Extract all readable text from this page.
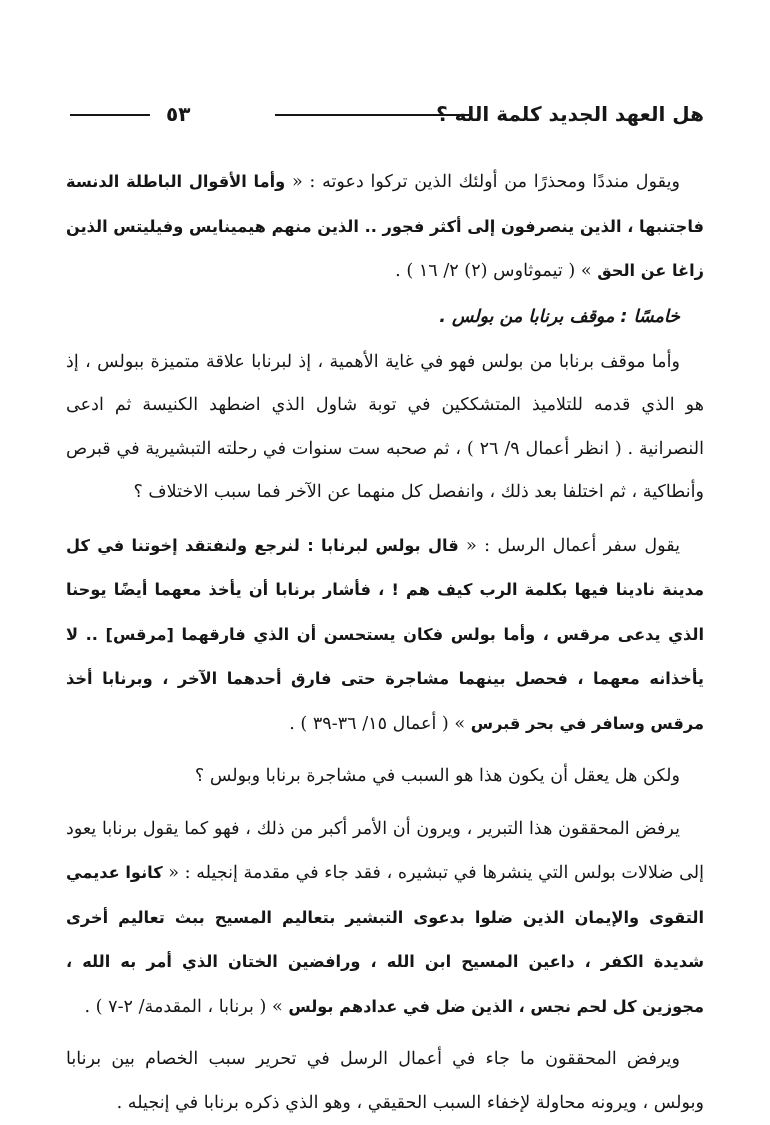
هل العهد الجديد كلمة الله ؟
٥٣

ويقول منددًا ومحذرًا من أولئك الذين تركوا دعوته : « وأما الأقوال الباطلة الدنسة فاجتنبها ، الذين ينصرفون إلى أكثر فجور .. الذين منهم هيمينايس وفيليتس الذين زاغا عن الحق » ( تيموثاوس (٢) ٢/ ١٦ ) .

خامسًا : موقف برنابا من بولس .

وأما موقف برنابا من بولس فهو في غاية الأهمية ، إذ لبرنابا علاقة متميزة ببولس ، إذ هو الذي قدمه للتلاميذ المتشككين في توبة شاول الذي اضطهد الكنيسة ثم ادعى النصرانية . ( انظر أعمال ٩/ ٢٦ ) ، ثم صحبه ست سنوات في رحلته التبشيرية في قبرص وأنطاكية ، ثم اختلفا بعد ذلك ، وانفصل كل منهما عن الآخر فما سبب الاختلاف ؟

يقول سفر أعمال الرسل : « قال بولس لبرنابا : لنرجع ولنفتقد إخوتنا في كل مدينة نادينا فيها بكلمة الرب كيف هم ! ، فأشار برنابا أن يأخذ معهما أيضًا يوحنا الذي يدعى مرقس ، وأما بولس فكان يستحسن أن الذي فارقهما [مرقس] .. لا يأخذانه معهما ، فحصل بينهما مشاجرة حتى فارق أحدهما الآخر ، وبرنابا أخذ مرقس وسافر في بحر قبرس » ( أعمال ١٥/ ٣٦-٣٩ ) .

ولكن هل يعقل أن يكون هذا هو السبب في مشاجرة برنابا وبولس ؟

يرفض المحققون هذا التبرير ، ويرون أن الأمر أكبر من ذلك ، فهو كما يقول برنابا يعود إلى ضلالات بولس التي ينشرها في تبشيره ، فقد جاء في مقدمة إنجيله : « كانوا عديمي التقوى والإيمان الذين ضلوا بدعوى التبشير بتعاليم المسيح ببث تعاليم أخرى شديدة الكفر ، داعين المسيح ابن الله ، ورافضين الختان الذي أمر به الله ، مجوزين كل لحم نجس ، الذين ضل في عدادهم بولس » ( برنابا ، المقدمة/ ٢-٧ ) .

ويرفض المحققون ما جاء في أعمال الرسل في تحرير سبب الخصام بين برنابا وبولس ، ويرونه محاولة لإخفاء السبب الحقيقي ، وهو الذي ذكره برنابا في إنجيله .
